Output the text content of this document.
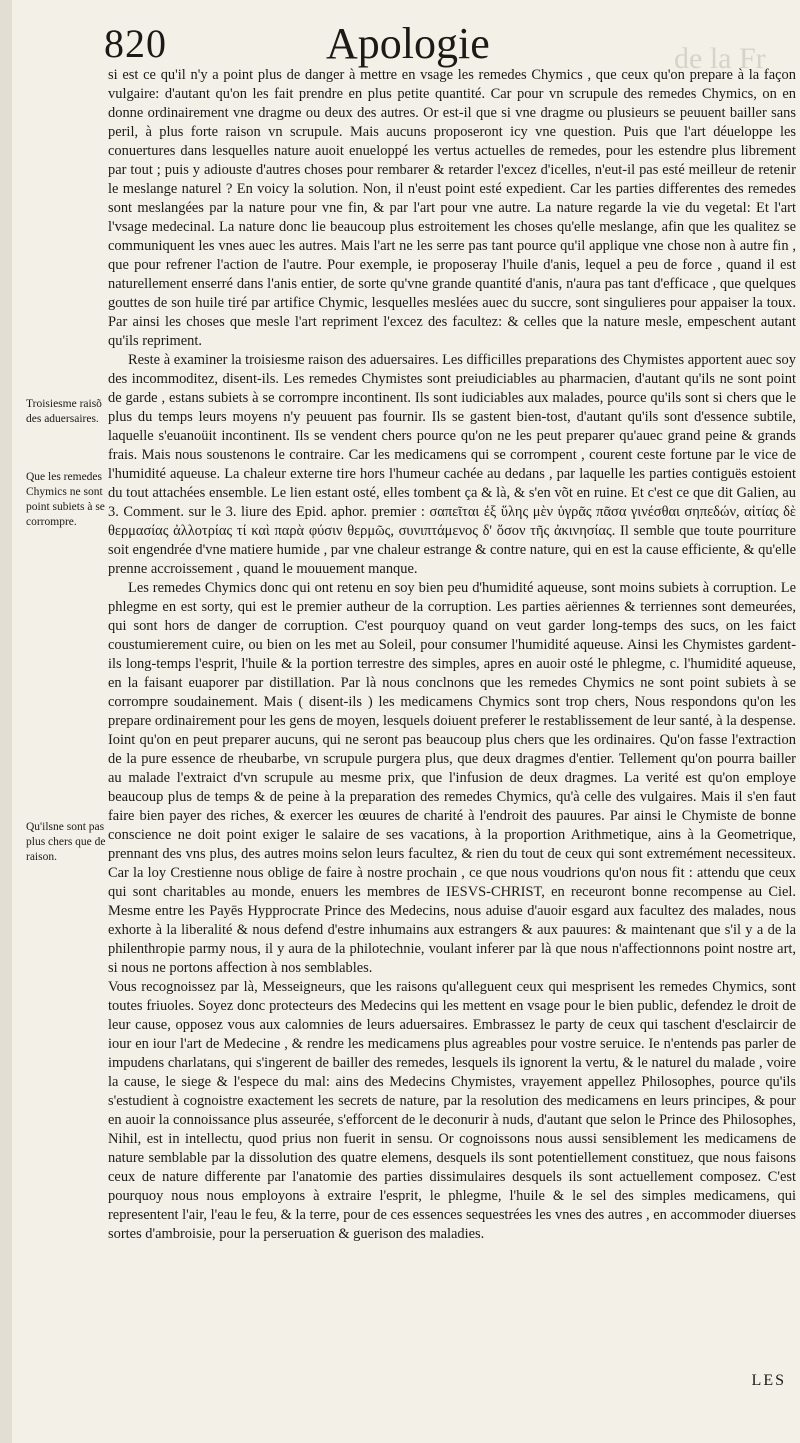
820	Apologie	de la Fr
Troisiesme raisõ des aduersaires.
Que les remedes Chymics ne sont point subiets à se corrompre.
Qu'ilsne sont pas plus chers que de raison.

si est ce qu'il n'y a point plus de danger à mettre en vsage les remedes Chymics , que ceux qu'on prepare à la façon vulgaire: d'autant qu'on les fait prendre en plus petite quantité. Car pour vn scrupule des remedes Chymics, on en donne ordinairement vne dragme ou deux des autres. Or est-il que si vne dragme ou plusieurs se peuuent bailler sans peril, à plus forte raison vn scrupule. Mais aucuns proposeront icy vne question. Puis que l'art déueloppe les conuertures dans lesquelles nature auoit enueloppé les vertus actuelles de remedes, pour les estendre plus librement par tout ; puis y adiouste d'autres choses pour rembarer & retarder l'excez d'icelles, n'eut-il pas esté meilleur de retenir le meslange naturel ? En voicy la solution. Non, il n'eust point esté expedient. Car les parties differentes des remedes sont meslangées par la nature pour vne fin, & par l'art pour vne autre. La nature regarde la vie du vegetal: Et l'art l'vsage medecinal. La nature donc lie beaucoup plus estroitement les choses qu'elle meslange, afin que les qualitez se communiquent les vnes auec les autres. Mais l'art ne les serre pas tant pource qu'il applique vne chose non à autre fin , que pour refrener l'action de l'autre. Pour exemple, ie proposeray l'huile d'anis, lequel a peu de force , quand il est naturellement enserré dans l'anis entier, de sorte qu'vne grande quantité d'anis, n'aura pas tant d'efficace , que quelques gouttes de son huile tiré par artifice Chymic, lesquelles meslées auec du succre, sont singulieres pour appaiser la toux. Par ainsi les choses que mesle l'art repriment l'excez des facultez: & celles que la nature mesle, empeschent autant qu'ils repriment.

Reste à examiner la troisiesme raison des aduersaires. Les difficilles preparations des Chymistes apportent auec soy des incommoditez, disent-ils. Les remedes Chymistes sont preiudiciables au pharmacien, d'autant qu'ils ne sont point de garde , estans subiets à se corrompre incontinent. Ils sont iudiciables aux malades, pource qu'ils sont si chers que le plus du temps leurs moyens n'y peuuent pas fournir. Ils se gastent bien-tost, d'autant qu'ils sont d'essence subtile, laquelle s'euanoüit incontinent. Ils se vendent chers pource qu'on ne les peut preparer qu'auec grand peine & grands frais. Mais nous soustenons le contraire. Car les medicamens qui se corrompent , courent ceste fortune par le vice de l'humidité aqueuse. La chaleur externe tire hors l'humeur cachée au dedans , par laquelle les parties contiguës estoient du tout attachées ensemble. Le lien estant osté, elles tombent ça & là, & s'en võt en ruine. Et c'est ce que dit Galien, au 3. Comment. sur le 3. liure des Epid. aphor. premier : σαπεῖται ἐξ ὕλης μὲν ὑγρᾶς πᾶσα γινέσθαι σηπεδών, αἰτίας δὲ θερμασίας ἀλλοτρίας τί καὶ παρὰ φύσιν θερμῶς, συνιπτάμενος δ' ὅσον τῆς ἀκινησίας. Il semble que toute pourriture soit engendrée d'vne matiere humide , par vne chaleur estrange & contre nature, qui en est la cause efficiente, & qu'elle prenne accroissement , quand le mouuement manque.

Les remedes Chymics donc qui ont retenu en soy bien peu d'humidité aqueuse, sont moins subiets à corruption. Le phlegme en est sorty, qui est le premier autheur de la corruption. Les parties aëriennes & terriennes sont demeurées, qui sont hors de danger de corruption. C'est pourquoy quand on veut garder long-temps des sucs, on les faict coustumierement cuire, ou bien on les met au Soleil, pour consumer l'humidité aqueuse. Ainsi les Chymistes gardent-ils long-temps l'esprit, l'huile & la portion terrestre des simples, apres en auoir osté le phlegme, c. l'humidité aqueuse, en la faisant euaporer par distillation. Par là nous conclnons que les remedes Chymics ne sont point subiets à se corrompre soudainement. Mais ( disent-ils ) les medicamens Chymics sont trop chers, Nous respondons qu'on les prepare ordinairement pour les gens de moyen, lesquels doiuent preferer le restablissement de leur santé, à la despense. Ioint qu'on en peut preparer aucuns, qui ne seront pas beaucoup plus chers que les ordinaires. Qu'on fasse l'extraction de la pure essence de rheubarbe, vn scrupule purgera plus, que deux dragmes d'entier. Tellement qu'on pourra bailler au malade l'extraict d'vn scrupule au mesme prix, que l'infusion de deux dragmes. La verité est qu'on employe beaucoup plus de temps & de peine à la preparation des remedes Chymics, qu'à celle des vulgaires. Mais il s'en faut faire bien payer des riches, & exercer les œuures de charité à l'endroit des pauures. Par ainsi le Chymiste de bonne conscience ne doit point exiger le salaire de ses vacations, à la proportion Arithmetique, ains à la Geometrique, prennant des vns plus, des autres moins selon leurs facultez, & rien du tout de ceux qui sont extremément necessiteux. Car la loy Crestienne nous oblige de faire à nostre prochain , ce que nous voudrions qu'on nous fit : attendu que ceux qui sont charitables au monde, enuers les membres de IESVS-CHRIST, en receuront bonne recompense au Ciel. Mesme entre les Payēs Hypprocrate Prince des Medecins, nous aduise d'auoir esgard aux facultez des malades, nous exhorte à la liberalité & nous defend d'estre inhumains aux estrangers & aux pauures: & maintenant que s'il y a de la philenthropie parmy nous, il y aura de la philotechnie, voulant inferer par là que nous n'affectionnons point nostre art, si nous ne portons affection à nos semblables.

Vous recognoissez par là, Messeigneurs, que les raisons qu'alleguent ceux qui mesprisent les remedes Chymics, sont toutes friuoles. Soyez donc protecteurs des Medecins qui les mettent en vsage pour le bien public, defendez le droit de leur cause, opposez vous aux calomnies de leurs aduersaires. Embrassez le party de ceux qui taschent d'esclaircir de iour en iour l'art de Medecine , & rendre les medicamens plus agreables pour vostre seruice. Ie n'entends pas parler de impudens charlatans, qui s'ingerent de bailler des remedes, lesquels ils ignorent la vertu, & le naturel du malade , voire la cause, le siege & l'espece du mal: ains des Medecins Chymistes, vrayement appellez Philosophes, pource qu'ils s'estudient à cognoistre exactement les secrets de nature, par la resolution des medicamens en leurs principes, & pour en auoir la connoissance plus asseurée, s'efforcent de le deconurir à nuds, d'autant que selon le Prince des Philosophes, Nihil, est in intellectu, quod prius non fuerit in sensu. Or cognoissons nous aussi sensiblement les medicamens de nature semblable par la dissolution des quatre elemens, desquels ils sont potentiellement constituez, que nous faisons ceux de nature differente par l'anatomie des parties dissimulaires desquels ils sont actuellement composez. C'est pourquoy nous nous employons à extraire l'esprit, le phlegme, l'huile & le sel des simples medicamens, qui representent l'air, l'eau le feu, & la terre, pour de ces essences sequestrées les vnes des autres , en accommoder diuerses sortes d'ambroisie, pour la perseruation & guerison des maladies.

LES
